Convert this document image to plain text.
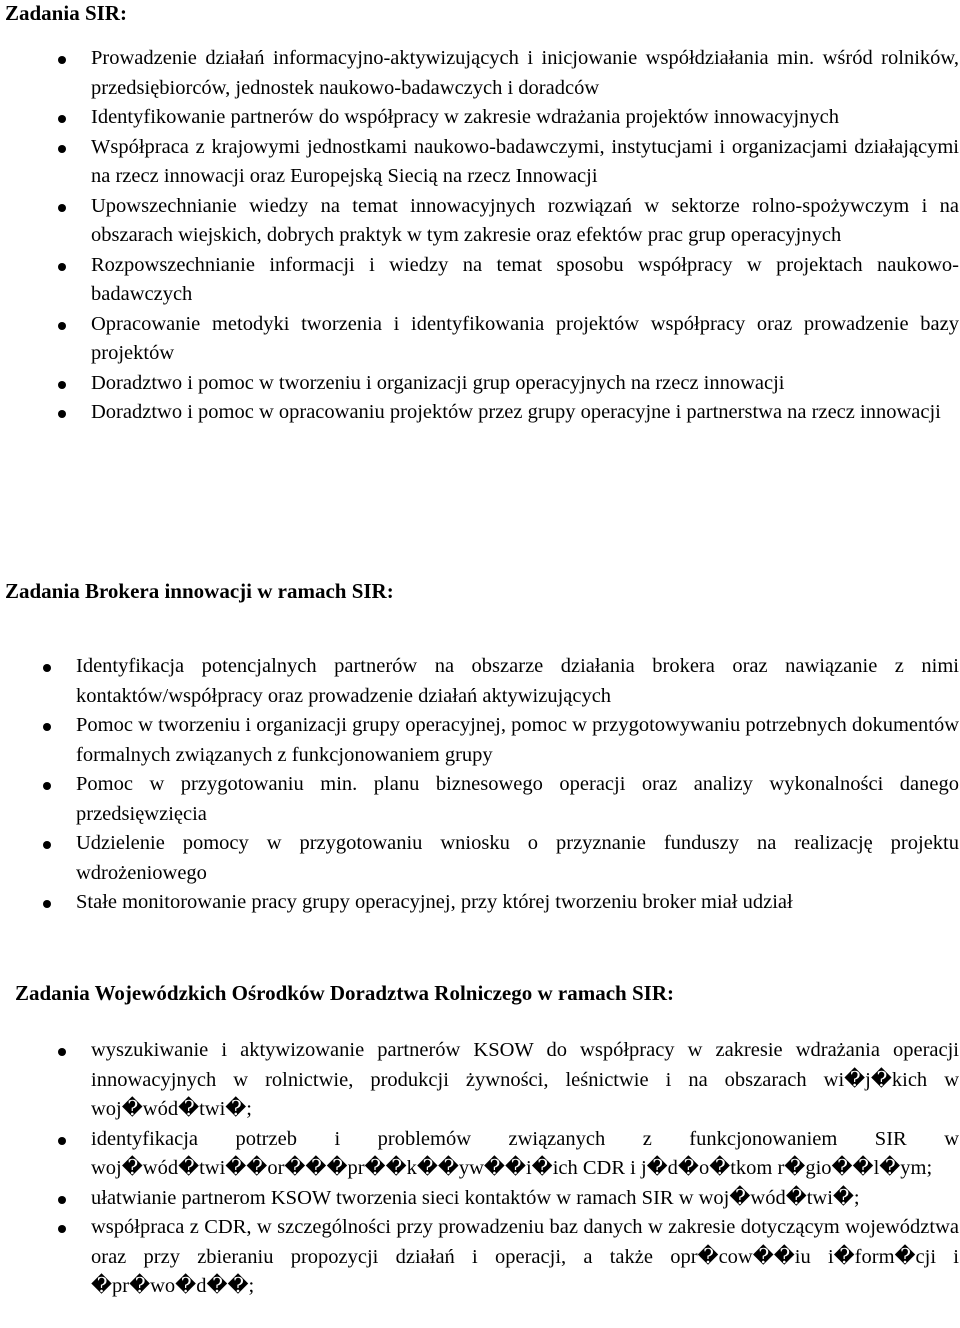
Zadania SIR:
Prowadzenie działań informacyjno-aktywizujących i inicjowanie współdziałania min. wśród rolników, przedsiębiorców, jednostek naukowo-badawczych i doradców
Identyfikowanie partnerów do współpracy w zakresie wdrażania projektów innowacyjnych
Współpraca z krajowymi jednostkami naukowo-badawczymi, instytucjami i organizacjami działającymi na rzecz innowacji oraz Europejską Siecią na rzecz Innowacji
Upowszechnianie wiedzy na temat innowacyjnych rozwiązań w sektorze rolno-spożywczym i na obszarach wiejskich, dobrych praktyk w tym zakresie oraz efektów prac grup operacyjnych
Rozpowszechnianie informacji i wiedzy na temat sposobu współpracy w projektach naukowo-badawczych
Opracowanie metodyki tworzenia i identyfikowania projektów współpracy oraz prowadzenie bazy projektów
Doradztwo i pomoc w tworzeniu i organizacji grup operacyjnych na rzecz innowacji
Doradztwo i pomoc w opracowaniu projektów przez grupy operacyjne i partnerstwa na rzecz innowacji
Zadania Brokera innowacji w ramach SIR:
Identyfikacja potencjalnych partnerów na obszarze działania brokera oraz nawiązanie z nimi kontaktów/współpracy oraz prowadzenie działań aktywizujących
Pomoc w tworzeniu i organizacji grupy operacyjnej, pomoc w przygotowywaniu potrzebnych dokumentów formalnych związanych z funkcjonowaniem grupy
Pomoc w przygotowaniu min. planu biznesowego operacji oraz analizy wykonalności danego przedsięwzięcia
Udzielenie pomocy w przygotowaniu wniosku o przyznanie funduszy na realizację projektu wdrożeniowego
Stałe monitorowanie pracy grupy operacyjnej, przy której tworzeniu broker miał udział
Zadania Wojewódzkich Ośrodków Doradztwa Rolniczego w ramach SIR:
wyszukiwanie i aktywizowanie partnerów KSOW do współpracy w zakresie wdrażania operacji innowacyjnych w rolnictwie, produkcji żywności, leśnictwie i na obszarach wi�j�kich w woj�wód�twi�;
identyfikacja potrzeb i problemów związanych z funkcjonowaniem SIR w woj�wód�twi��or���pr��k��yw��i�ich CDR i j�d�o�tkom r�gio��l�ym;
ułatwianie partnerom KSOW tworzenia sieci kontaktów w ramach SIR w woj�wód�twi�;
współpraca z CDR, w szczególności przy prowadzeniu baz danych w zakresie dotyczącym województwa oraz przy zbieraniu propozycji działań i operacji, a także opr�cow��iu i�form�cji i �pr�wo�d��;
